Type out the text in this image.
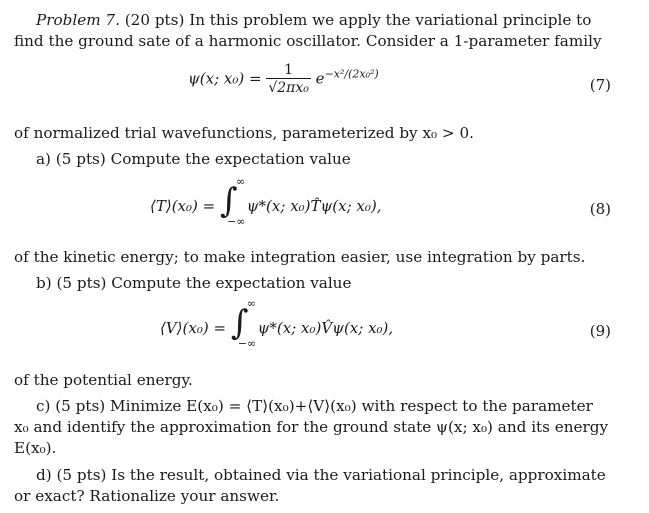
Problem 7. (20 pts) In this problem we apply the variational principle to
find the ground sate of a harmonic oscillator. Consider a 1-parameter family
ψ(x; $x_0) = \frac{1}{\text{√2πx₀}} e^{-x^2/(2x_0^2)}$
(7)
of normalized trial wavefunctions, parameterized by x₀ > 0.
a) (5 pts) Compute the expectation value
⟨T⟩(x₀) = ∫
∞
−∞
ψ*(x; x₀)T̂ψ(x; x₀),	(8)
of the kinetic energy; to make integration easier, use integration by parts.
b) (5 pts) Compute the expectation value
⟨V⟩(x₀) = ∫
∞
−∞
ψ*(x; x₀)V̂ψ(x; x₀),	(9)
of the potential energy.
c) (5 pts) Minimize E(x₀) = ⟨T⟩(x₀)+⟨V⟩(x₀) with respect to the parameter
x₀ and identify the approximation for the ground state ψ(x; x₀) and its energy
E(x₀).
d) (5 pts) Is the result, obtained via the variational principle, approximate
or exact? Rationalize your answer.
